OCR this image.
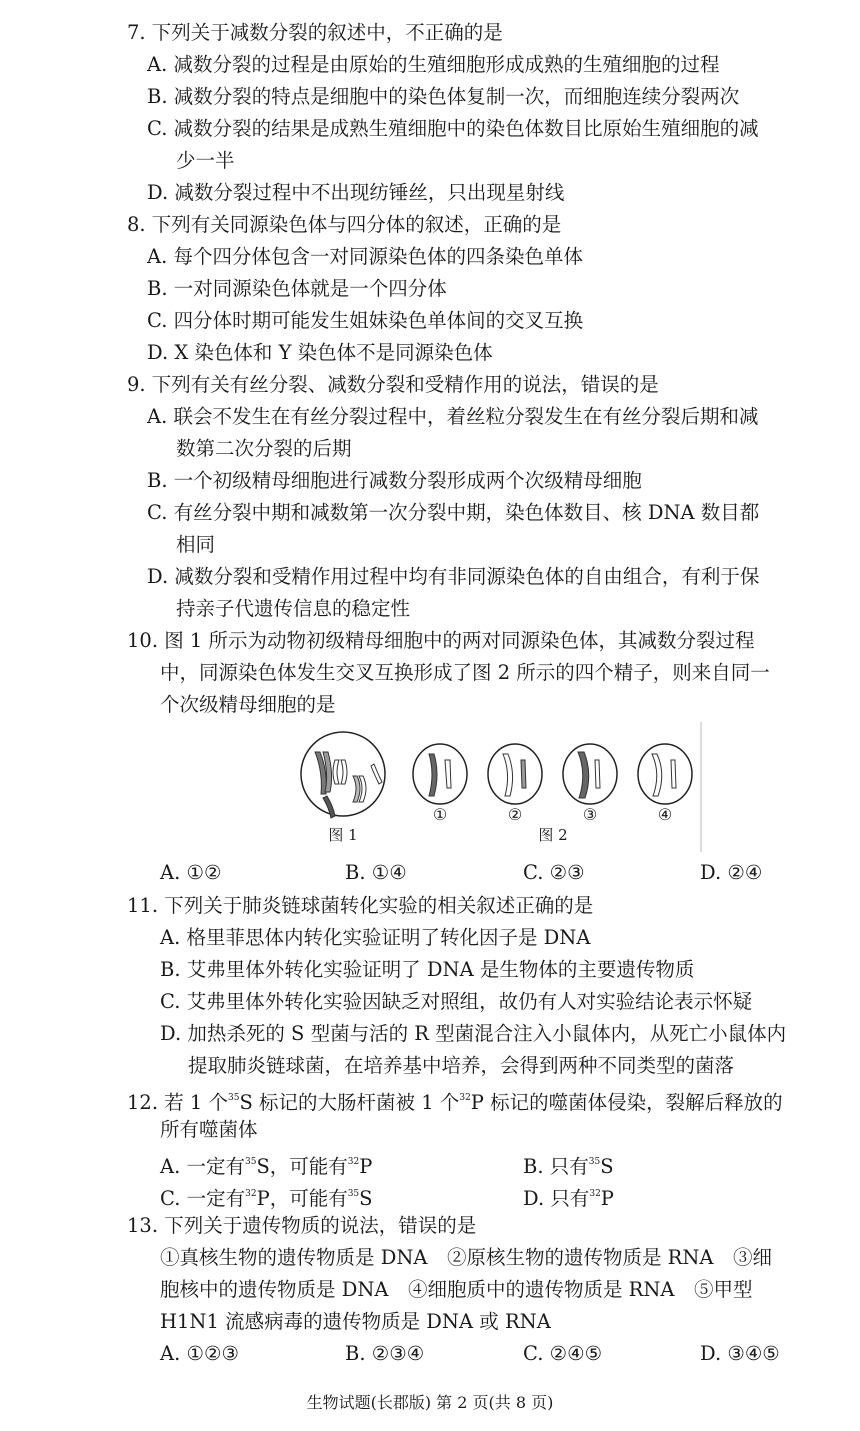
7. 下列关于减数分裂的叙述中，不正确的是
A. 减数分裂的过程是由原始的生殖细胞形成成熟的生殖细胞的过程
B. 减数分裂的特点是细胞中的染色体复制一次，而细胞连续分裂两次
C. 减数分裂的结果是成熟生殖细胞中的染色体数目比原始生殖细胞的减
少一半
D. 减数分裂过程中不出现纺锤丝，只出现星射线
8. 下列有关同源染色体与四分体的叙述，正确的是
A. 每个四分体包含一对同源染色体的四条染色单体
B. 一对同源染色体就是一个四分体
C. 四分体时期可能发生姐妹染色单体间的交叉互换
D. X 染色体和 Y 染色体不是同源染色体
9. 下列有关有丝分裂、减数分裂和受精作用的说法，错误的是
A. 联会不发生在有丝分裂过程中，着丝粒分裂发生在有丝分裂后期和减
数第二次分裂的后期
B. 一个初级精母细胞进行减数分裂形成两个次级精母细胞
C. 有丝分裂中期和减数第一次分裂中期，染色体数目、核 DNA 数目都
相同
D. 减数分裂和受精作用过程中均有非同源染色体的自由组合，有利于保
持亲子代遗传信息的稳定性
10. 图 1 所示为动物初级精母细胞中的两对同源染色体，其减数分裂过程
中，同源染色体发生交叉互换形成了图 2 所示的四个精子，则来自同一
个次级精母细胞的是
图 1	图 2
①	②	③	④
A. ①②	B. ①④	C. ②③	D. ②④
11. 下列关于肺炎链球菌转化实验的相关叙述正确的是
A. 格里菲思体内转化实验证明了转化因子是 DNA
B. 艾弗里体外转化实验证明了 DNA 是生物体的主要遗传物质
C. 艾弗里体外转化实验因缺乏对照组，故仍有人对实验结论表示怀疑
D. 加热杀死的 S 型菌与活的 R 型菌混合注入小鼠体内，从死亡小鼠体内
提取肺炎链球菌，在培养基中培养，会得到两种不同类型的菌落
12. 若 1 个$^{35}$S 标记的大肠杆菌被 1 个$^{32}$P 标记的噬菌体侵染，裂解后释放的
所有噬菌体
A. 一定有$^{35}$S，可能有$^{32}$P	B. 只有$^{35}$S
C. 一定有$^{32}$P，可能有$^{35}$S	D. 只有$^{32}$P
13. 下列关于遗传物质的说法，错误的是
①真核生物的遗传物质是 DNA　②原核生物的遗传物质是 RNA　③细
胞核中的遗传物质是 DNA　④细胞质中的遗传物质是 RNA　⑤甲型
H1N1 流感病毒的遗传物质是 DNA 或 RNA
A. ①②③	B. ②③④	C. ②④⑤	D. ③④⑤
生物试题(长郡版) 第 2 页(共 8 页)
